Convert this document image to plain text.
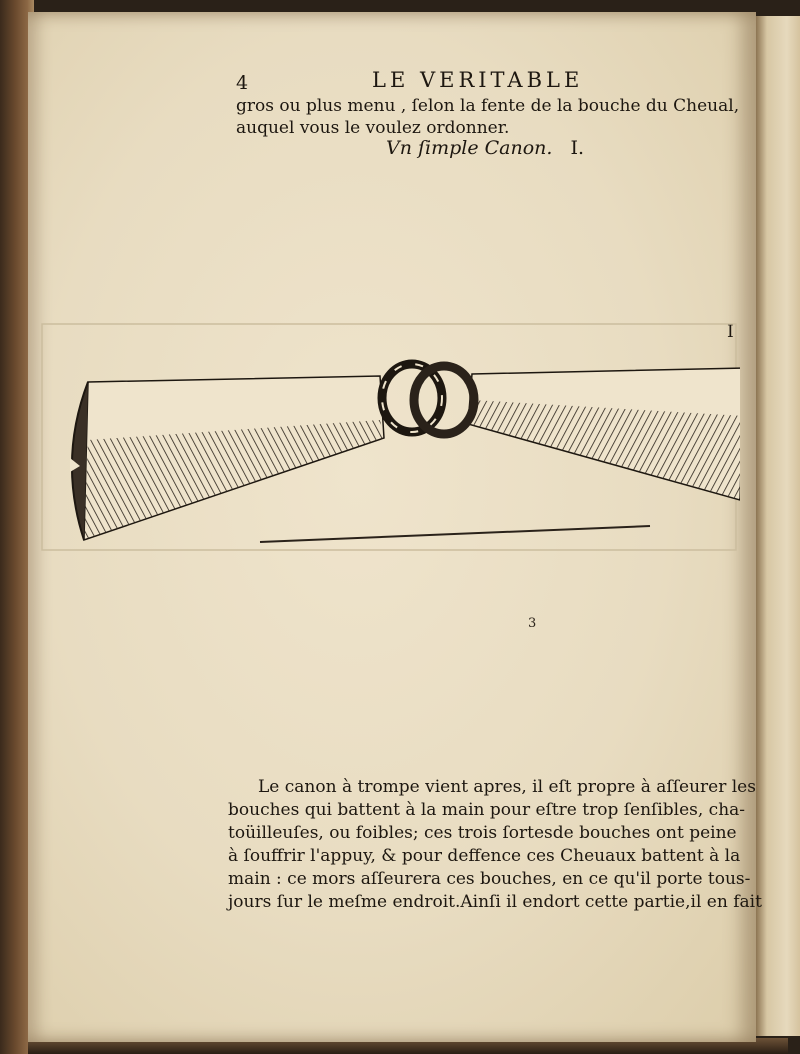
4	LE VERITABLE
gros ou plus menu , ſelon la fente de la bouche du Cheual,
auquel vous le voulez ordonner.
Vn ſimple Canon. I.
I
3
Le canon à trompe vient apres, il eſt propre à aſſeurer les
bouches qui battent à la main pour eſtre trop ſenſibles, cha-
toüilleuſes, ou foibles; ces trois ſortesde bouches ont peine
à ſouffrir l'appuy, & pour deffence ces Cheuaux battent à la
main : ce mors aſſeurera ces bouches, en ce qu'il porte tous-
jours ſur le meſme endroit.Ainſi il endort cette partie,il en fait
